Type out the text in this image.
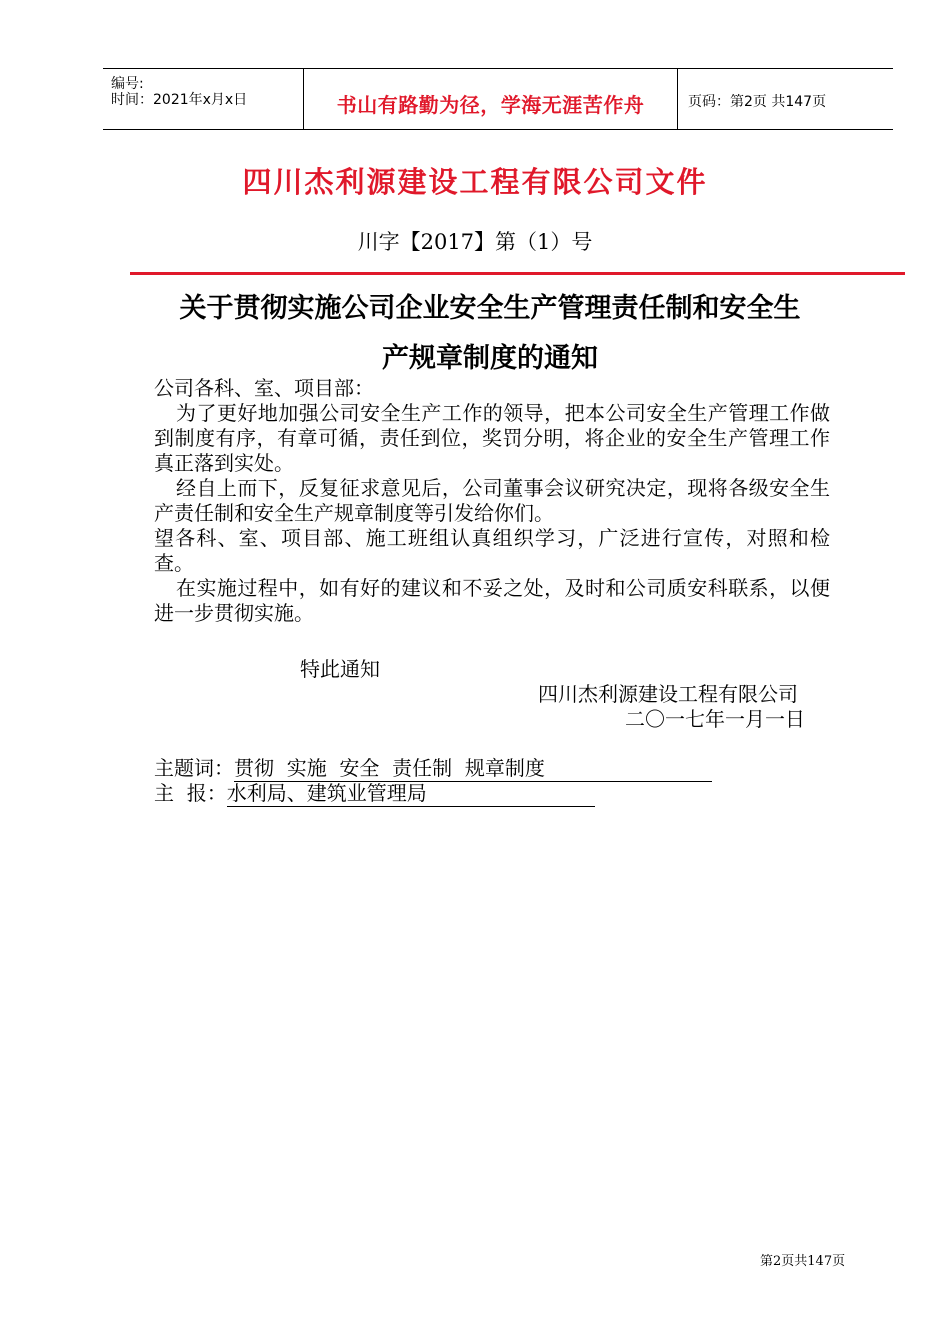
编号:
时间：2021年x月x日	书山有路勤为径，学海无涯苦作舟	页码：第2页 共147页
四川杰利源建设工程有限公司文件
川字【2017】第（1）号
关于贯彻实施公司企业安全生产管理责任制和安全生
产规章制度的通知

公司各科、室、项目部：

为了更好地加强公司安全生产工作的领导，把本公司安全生产管理工作做到制度有序，有章可循，责任到位，奖罚分明，将企业的安全生产管理工作真正落到实处。

经自上而下，反复征求意见后，公司董事会议研究决定，现将各级安全生产责任制和安全生产规章制度等引发给你们。

望各科、室、项目部、施工班组认真组织学习，广泛进行宣传，对照和检查。

在实施过程中，如有好的建议和不妥之处，及时和公司质安科联系，以便进一步贯彻实施。

特此通知
四川杰利源建设工程有限公司
二〇一七年一月一日
主题词：贯彻  实施  安全  责任制  规章制度
主  报：水利局、建筑业管理局
第2页共147页
